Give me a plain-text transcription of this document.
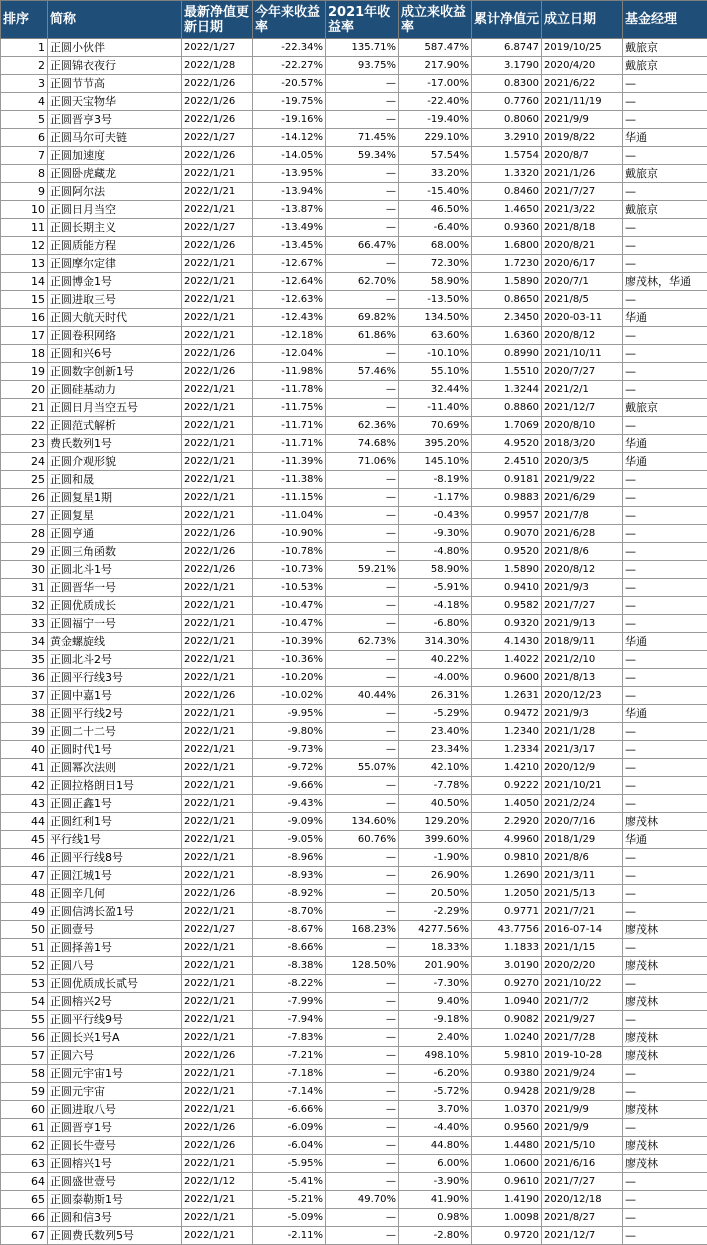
排序	简称	最新净值更新日期	今年来收益率	2021年收益率	成立来收益率	累计净值元	成立日期	基金经理
1	正圆小伙伴	2022/1/27	-22.34%	135.71%	587.47%	6.8747	2019/10/25	戴旅京
2	正圆锦衣夜行	2022/1/28	-22.27%	93.75%	217.90%	3.1790	2020/4/20	戴旅京
3	正圆节节高	2022/1/26	-20.57%	—	-17.00%	0.8300	2021/6/22	—
4	正圆天宝物华	2022/1/26	-19.75%	—	-22.40%	0.7760	2021/11/19	—
5	正圆晋亨3号	2022/1/26	-19.16%	—	-19.40%	0.8060	2021/9/9	—
6	正圆马尔可夫链	2022/1/27	-14.12%	71.45%	229.10%	3.2910	2019/8/22	华通
7	正圆加速度	2022/1/26	-14.05%	59.34%	57.54%	1.5754	2020/8/7	—
8	正圆卧虎藏龙	2022/1/21	-13.95%	—	33.20%	1.3320	2021/1/26	戴旅京
9	正圆阿尔法	2022/1/21	-13.94%	—	-15.40%	0.8460	2021/7/27	—
10	正圆日月当空	2022/1/21	-13.87%	—	46.50%	1.4650	2021/3/22	戴旅京
11	正圆长期主义	2022/1/27	-13.49%	—	-6.40%	0.9360	2021/8/18	—
12	正圆质能方程	2022/1/26	-13.45%	66.47%	68.00%	1.6800	2020/8/21	—
13	正圆摩尔定律	2022/1/21	-12.67%	—	72.30%	1.7230	2020/6/17	—
14	正圆博金1号	2022/1/21	-12.64%	62.70%	58.90%	1.5890	2020/7/1	廖茂林，华通
15	正圆进取三号	2022/1/21	-12.63%	—	-13.50%	0.8650	2021/8/5	—
16	正圆大航天时代	2022/1/21	-12.43%	69.82%	134.50%	2.3450	2020-03-11	华通
17	正圆卷积网络	2022/1/21	-12.18%	61.86%	63.60%	1.6360	2020/8/12	—
18	正圆和兴6号	2022/1/26	-12.04%	—	-10.10%	0.8990	2021/10/11	—
19	正圆数字创新1号	2022/1/26	-11.98%	57.46%	55.10%	1.5510	2020/7/27	—
20	正圆硅基动力	2022/1/21	-11.78%	—	32.44%	1.3244	2021/2/1	—
21	正圆日月当空五号	2022/1/21	-11.75%	—	-11.40%	0.8860	2021/12/7	戴旅京
22	正圆范式解析	2022/1/21	-11.71%	62.36%	70.69%	1.7069	2020/8/10	—
23	费氏数列1号	2022/1/21	-11.71%	74.68%	395.20%	4.9520	2018/3/20	华通
24	正圆介观形貌	2022/1/21	-11.39%	71.06%	145.10%	2.4510	2020/3/5	华通
25	正圆和晟	2022/1/21	-11.38%	—	-8.19%	0.9181	2021/9/22	—
26	正圆复星1期	2022/1/21	-11.15%	—	-1.17%	0.9883	2021/6/29	—
27	正圆复星	2022/1/21	-11.04%	—	-0.43%	0.9957	2021/7/8	—
28	正圆亨通	2022/1/26	-10.90%	—	-9.30%	0.9070	2021/6/28	—
29	正圆三角函数	2022/1/26	-10.78%	—	-4.80%	0.9520	2021/8/6	—
30	正圆北斗1号	2022/1/26	-10.73%	59.21%	58.90%	1.5890	2020/8/12	—
31	正圆晋华一号	2022/1/21	-10.53%	—	-5.91%	0.9410	2021/9/3	—
32	正圆优质成长	2022/1/21	-10.47%	—	-4.18%	0.9582	2021/7/27	—
33	正圆福宁一号	2022/1/21	-10.47%	—	-6.80%	0.9320	2021/9/13	—
34	黄金螺旋线	2022/1/21	-10.39%	62.73%	314.30%	4.1430	2018/9/11	华通
35	正圆北斗2号	2022/1/21	-10.36%	—	40.22%	1.4022	2021/2/10	—
36	正圆平行线3号	2022/1/21	-10.20%	—	-4.00%	0.9600	2021/8/13	—
37	正圆中嘉1号	2022/1/26	-10.02%	40.44%	26.31%	1.2631	2020/12/23	—
38	正圆平行线2号	2022/1/21	-9.95%	—	-5.29%	0.9472	2021/9/3	华通
39	正圆二十二号	2022/1/21	-9.80%	—	23.40%	1.2340	2021/1/28	—
40	正圆时代1号	2022/1/21	-9.73%	—	23.34%	1.2334	2021/3/17	—
41	正圆幂次法则	2022/1/21	-9.72%	55.07%	42.10%	1.4210	2020/12/9	—
42	正圆拉格朗日1号	2022/1/21	-9.66%	—	-7.78%	0.9222	2021/10/21	—
43	正圆正鑫1号	2022/1/21	-9.43%	—	40.50%	1.4050	2021/2/24	—
44	正圆红利1号	2022/1/21	-9.09%	134.60%	129.20%	2.2920	2020/7/16	廖茂林
45	平行线1号	2022/1/21	-9.05%	60.76%	399.60%	4.9960	2018/1/29	华通
46	正圆平行线8号	2022/1/21	-8.96%	—	-1.90%	0.9810	2021/8/6	—
47	正圆江城1号	2022/1/21	-8.93%	—	26.90%	1.2690	2021/3/11	—
48	正圆辛几何	2022/1/26	-8.92%	—	20.50%	1.2050	2021/5/13	—
49	正圆信鸿长盈1号	2022/1/21	-8.70%	—	-2.29%	0.9771	2021/7/21	—
50	正圆壹号	2022/1/27	-8.67%	168.23%	4277.56%	43.7756	2016-07-14	廖茂林
51	正圆择善1号	2022/1/21	-8.66%	—	18.33%	1.1833	2021/1/15	—
52	正圆八号	2022/1/21	-8.38%	128.50%	201.90%	3.0190	2020/2/20	廖茂林
53	正圆优质成长贰号	2022/1/21	-8.22%	—	-7.30%	0.9270	2021/10/22	—
54	正圆榕兴2号	2022/1/21	-7.99%	—	9.40%	1.0940	2021/7/2	廖茂林
55	正圆平行线9号	2022/1/21	-7.94%	—	-9.18%	0.9082	2021/9/27	—
56	正圆长兴1号A	2022/1/21	-7.83%	—	2.40%	1.0240	2021/7/28	廖茂林
57	正圆六号	2022/1/26	-7.21%	—	498.10%	5.9810	2019-10-28	廖茂林
58	正圆元宇宙1号	2022/1/21	-7.18%	—	-6.20%	0.9380	2021/9/24	—
59	正圆元宇宙	2022/1/21	-7.14%	—	-5.72%	0.9428	2021/9/28	—
60	正圆进取八号	2022/1/21	-6.66%	—	3.70%	1.0370	2021/9/9	廖茂林
61	正圆晋亨1号	2022/1/26	-6.09%	—	-4.40%	0.9560	2021/9/9	—
62	正圆长牛壹号	2022/1/26	-6.04%	—	44.80%	1.4480	2021/5/10	廖茂林
63	正圆榕兴1号	2022/1/21	-5.95%	—	6.00%	1.0600	2021/6/16	廖茂林
64	正圆盛世壹号	2022/1/12	-5.41%	—	-3.90%	0.9610	2021/7/27	—
65	正圆泰勒斯1号	2022/1/21	-5.21%	49.70%	41.90%	1.4190	2020/12/18	—
66	正圆和信3号	2022/1/21	-5.09%	—	0.98%	1.0098	2021/8/27	—
67	正圆费氏数列5号	2022/1/21	-2.11%	—	-2.80%	0.9720	2021/12/7	—
